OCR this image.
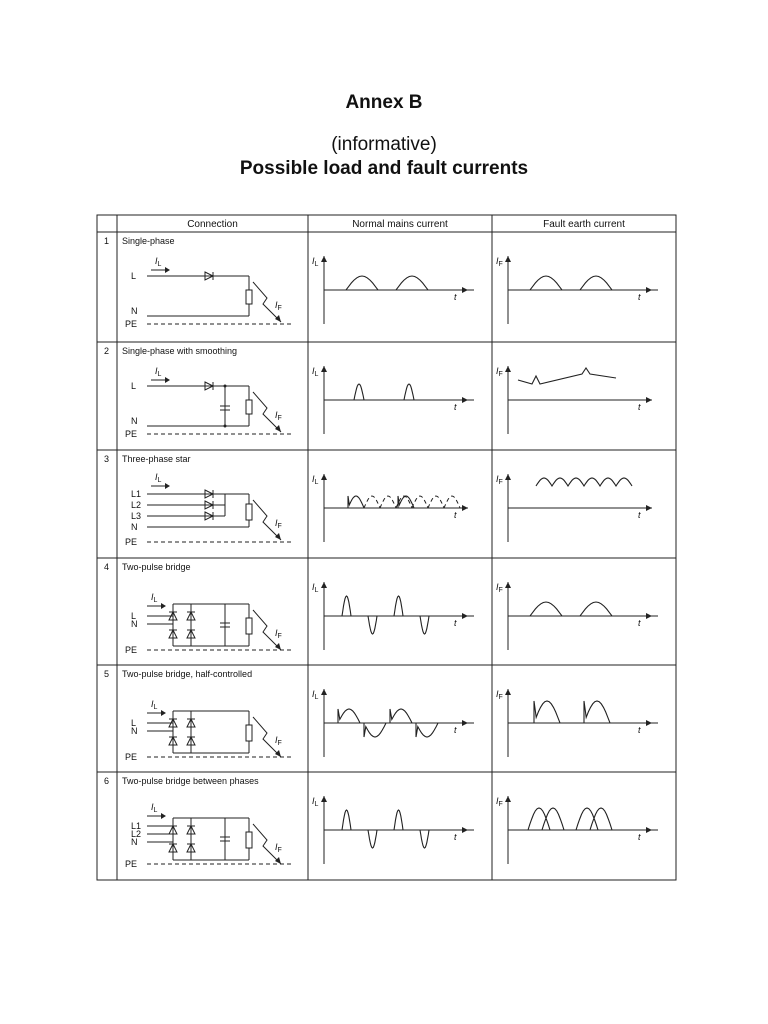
Annex B
(informative)
Possible load and fault currents
Connection	Normal mains current	Fault earth current
1 Single-phase
PE
L
N
$I_L$
$I_F$
$I_L$
t
$I_F$
t
2 Single-phase with smoothing
PE
L
N
$I_L$
$I_F$
$I_L$
t
$I_F$
t
3 Three-phase star
PE
L1
L2
L3
N
$I_L$
$I_F$
$I_L$
t
$I_F$
t
4 Two-pulse bridge
PE
L
N
$I_L$
$I_F$
$I_L$
t
$I_F$
t
5 Two-pulse bridge, half-controlled
PE
L
N
$I_L$
$I_F$
$I_L$
t
$I_F$
t
6 Two-pulse bridge between phases
PE
L1
L2
N
$I_L$
$I_F$
$I_L$
t
$I_F$
t
